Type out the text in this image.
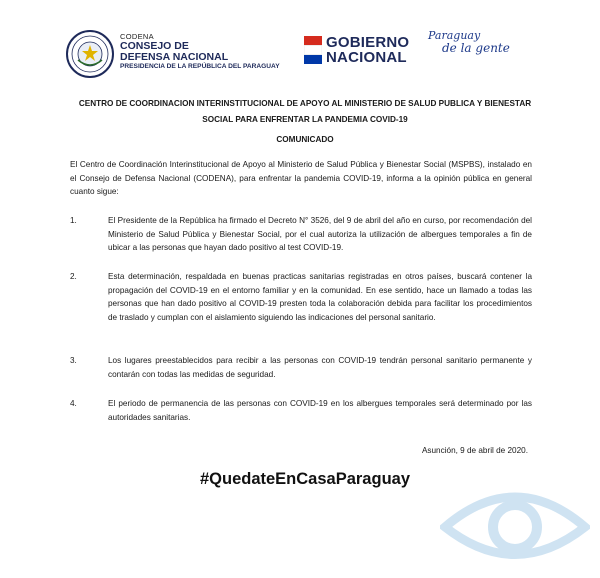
CODENA
CONSEJO DE
DEFENSA NACIONAL
PRESIDENCIA DE LA REPÚBLICA DEL PARAGUAY
GOBIERNO
NACIONAL
Paraguay
de la gente
CENTRO DE COORDINACION INTERINSTITUCIONAL DE APOYO AL MINISTERIO DE SALUD PUBLICA Y BIENESTAR SOCIAL PARA ENFRENTAR LA PANDEMIA COVID-19
COMUNICADO
El Centro de Coordinación Interinstitucional de Apoyo al Ministerio de Salud Pública y Bienestar Social (MSPBS), instalado en el Consejo de Defensa Nacional (CODENA), para enfrentar la pandemia COVID-19, informa a la opinión pública en general cuanto sigue:
1.	El Presidente de la República ha firmado el Decreto N° 3526, del 9 de abril del año en curso, por recomendación del Ministerio de Salud Pública y Bienestar Social, por el cual autoriza la utilización de albergues temporales a fin de ubicar a las personas que hayan dado positivo al test COVID-19.
2.	Esta determinación, respaldada en buenas practicas sanitarias registradas en otros países, buscará contener la propagación del COVID-19 en el entorno familiar y en la comunidad. En ese sentido, hace un llamado a todas las personas que han dado positivo al COVID-19 presten toda la colaboración debida para facilitar los procedimientos de traslado y cumplan con el aislamiento siguiendo las indicaciones del personal sanitario.
3.	Los lugares preestablecidos para recibir a las personas con COVID-19 tendrán personal sanitario permanente y contarán con todas las medidas de seguridad.
4.	El periodo de permanencia de las personas con COVID-19 en los albergues temporales será determinado por las autoridades sanitarias.
Asunción, 9 de abril de 2020.
#QuedateEnCasaParaguay
